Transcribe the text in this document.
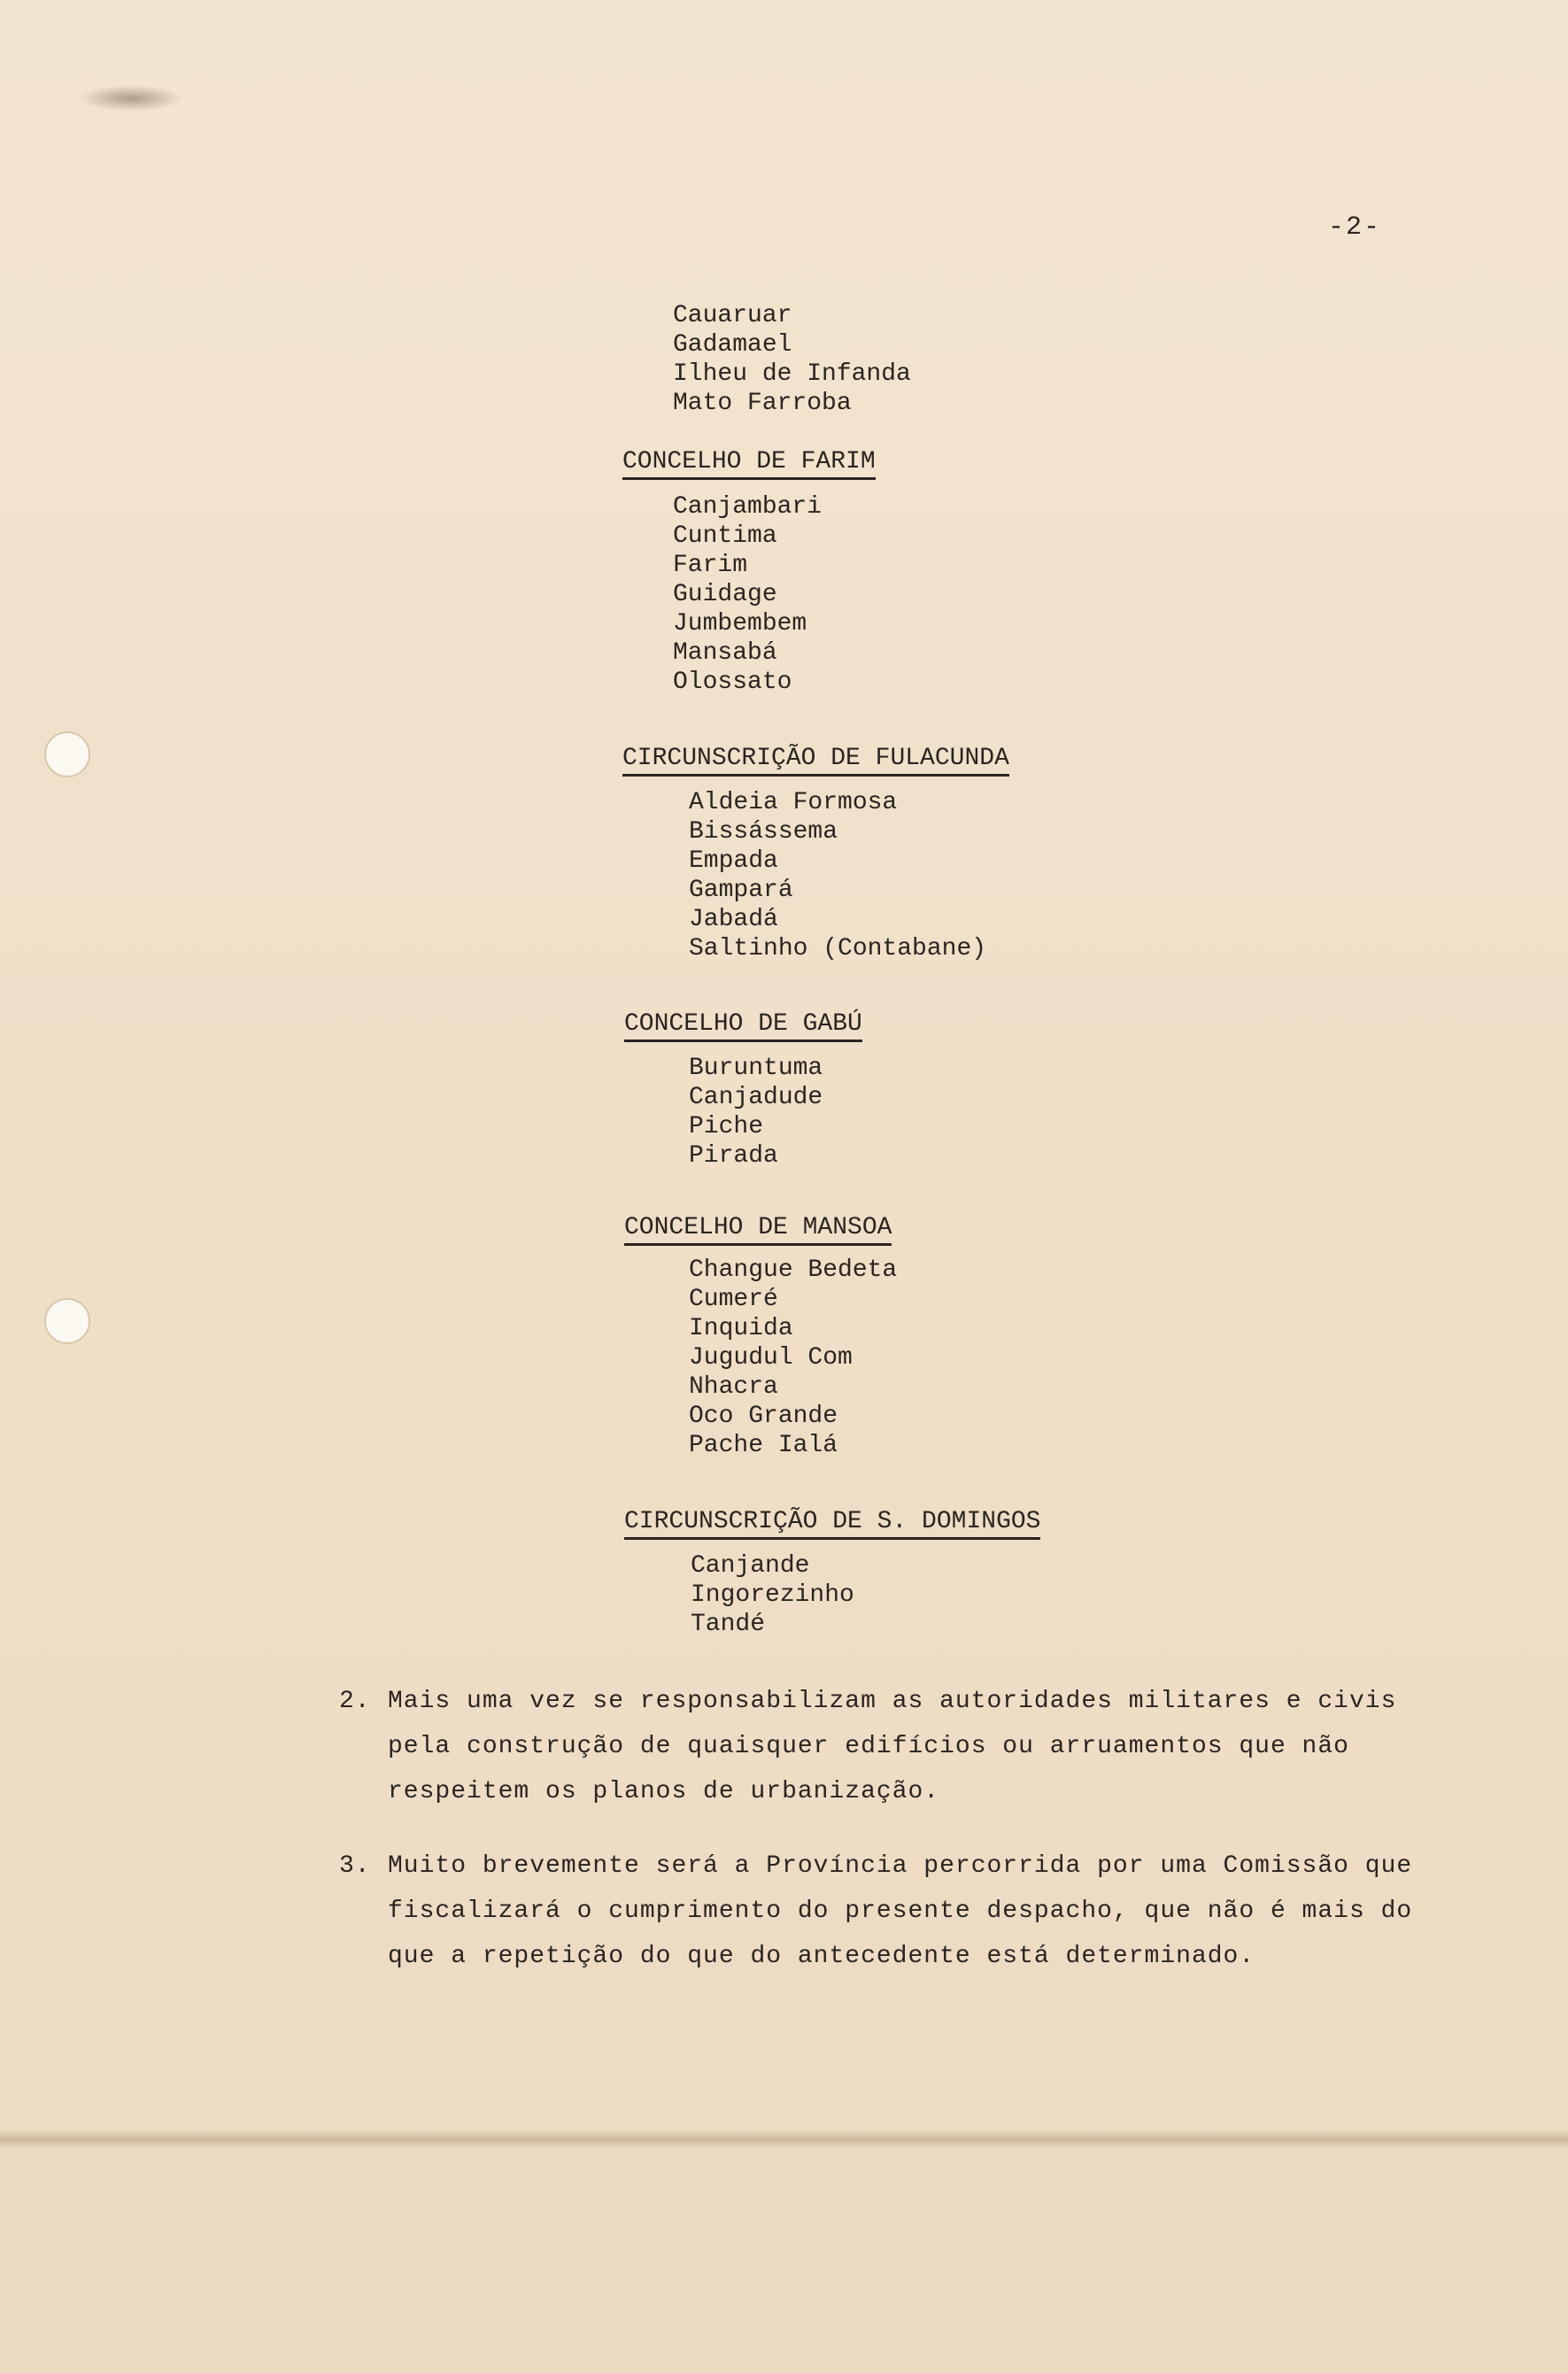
-2-
Cauaruar
Gadamael
Ilheu de Infanda
Mato Farroba
CONCELHO DE FARIM
Canjambari
Cuntima
Farim
Guidage
Jumbembem
Mansabá
Olossato
CIRCUNSCRIÇÃO DE FULACUNDA
Aldeia Formosa
Bissássema
Empada
Gampará
Jabadá
Saltinho (Contabane)
CONCELHO DE GABÚ
Buruntuma
Canjadude
Piche
Pirada
CONCELHO DE MANSOA
Changue Bedeta
Cumeré
Inquida
Jugudul Com
Nhacra
Oco Grande
Pache Ialá
CIRCUNSCRIÇÃO DE S. DOMINGOS
Canjande
Ingorezinho
Tandé
2. Mais uma vez se responsabilizam as autoridades militares e civis
pela construção de quaisquer edifícios ou arruamentos que não
respeitem os planos de urbanização.
3. Muito brevemente será a Província percorrida por uma Comissão que
fiscalizará o cumprimento do presente despacho, que não é mais do
que a repetição do que do antecedente está determinado.
